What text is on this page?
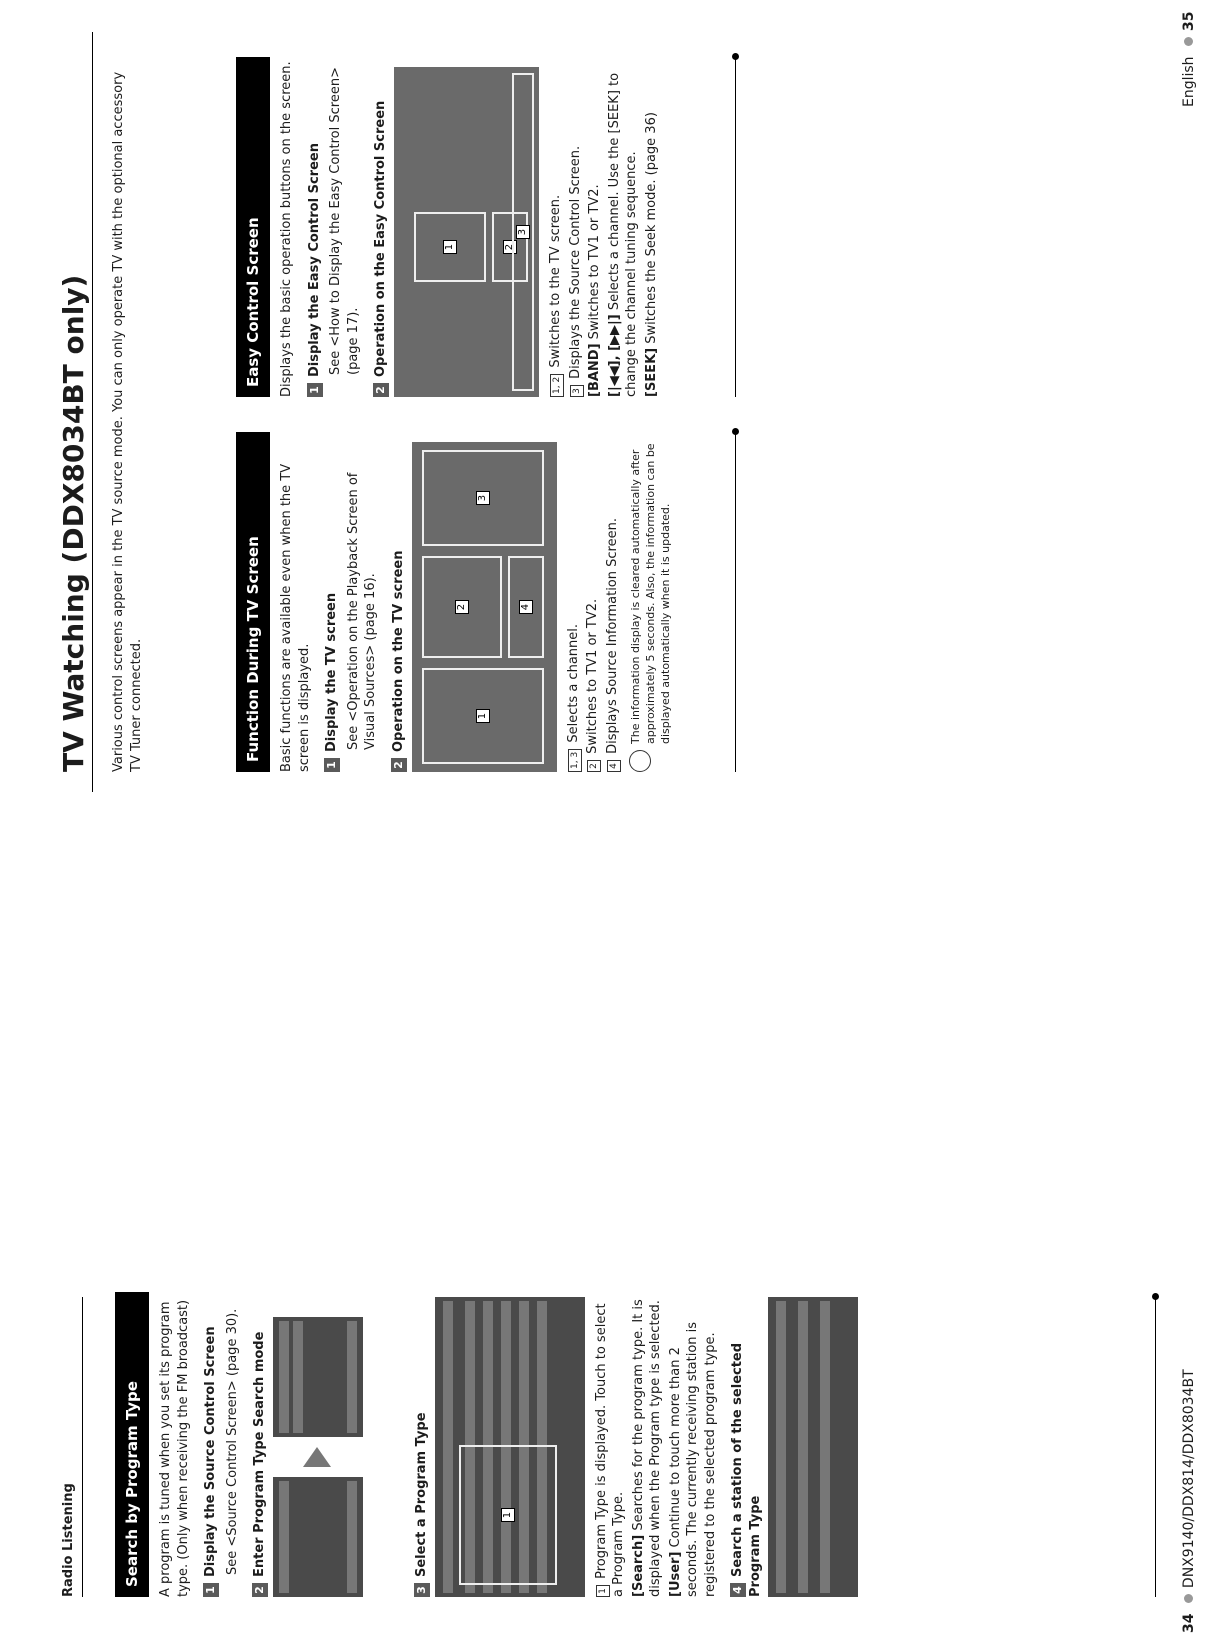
Radio Listening	Search by Program Type	A program is tuned when you set its program type. (Only when receiving the FM broadcast) 1Display the Source Control Screen See <Source Control Screen> (page 30).
2Enter Program Type Search mode
3Select a Program Type	1
1 Program Type is displayed. Touch to select a Program Type. [Search] Searches for the program type. It is displayed when the Program type is selected. [User] Continue to touch more than 2 seconds. The currently receiving station is registered to the selected program type. 4Search a station of the selected Program Type
34 DNX9140/DDX814/DDX8034BT
TV Watching (DDX8034BT only) Various control screens appear in the TV source mode. You can only operate TV with the optional accessory TV Tuner connected.	Function During TV Screen	Basic functions are available even when the TV screen is displayed. 1Display the TV screen See <Operation on the Playback Screen of Visual Sources> (page 16).
2Operation on the TV screen	1
2
3
4
1, 3 Selects a channel.
2 Switches to TV1 or TV2.
4 Displays Source Information Screen. The information display is cleared automatically after approximately 5 seconds. Also, the information can be displayed automatically when it is updated.
Easy Control Screen	Displays the basic operation buttons on the screen. 1Display the Easy Control Screen See <How to Display the Easy Control Screen> (page 17).
2Operation on the Easy Control Screen	1	2
3
1, 2 Switches to the TV screen.
3 Displays the Source Control Screen. [BAND] Switches to TV1 or TV2.
[|◀◀], [▶▶|] Selects a channel. Use the [SEEK] to change the channel tuning sequence. [SEEK] Switches the Seek mode. (page 36)
English 35
